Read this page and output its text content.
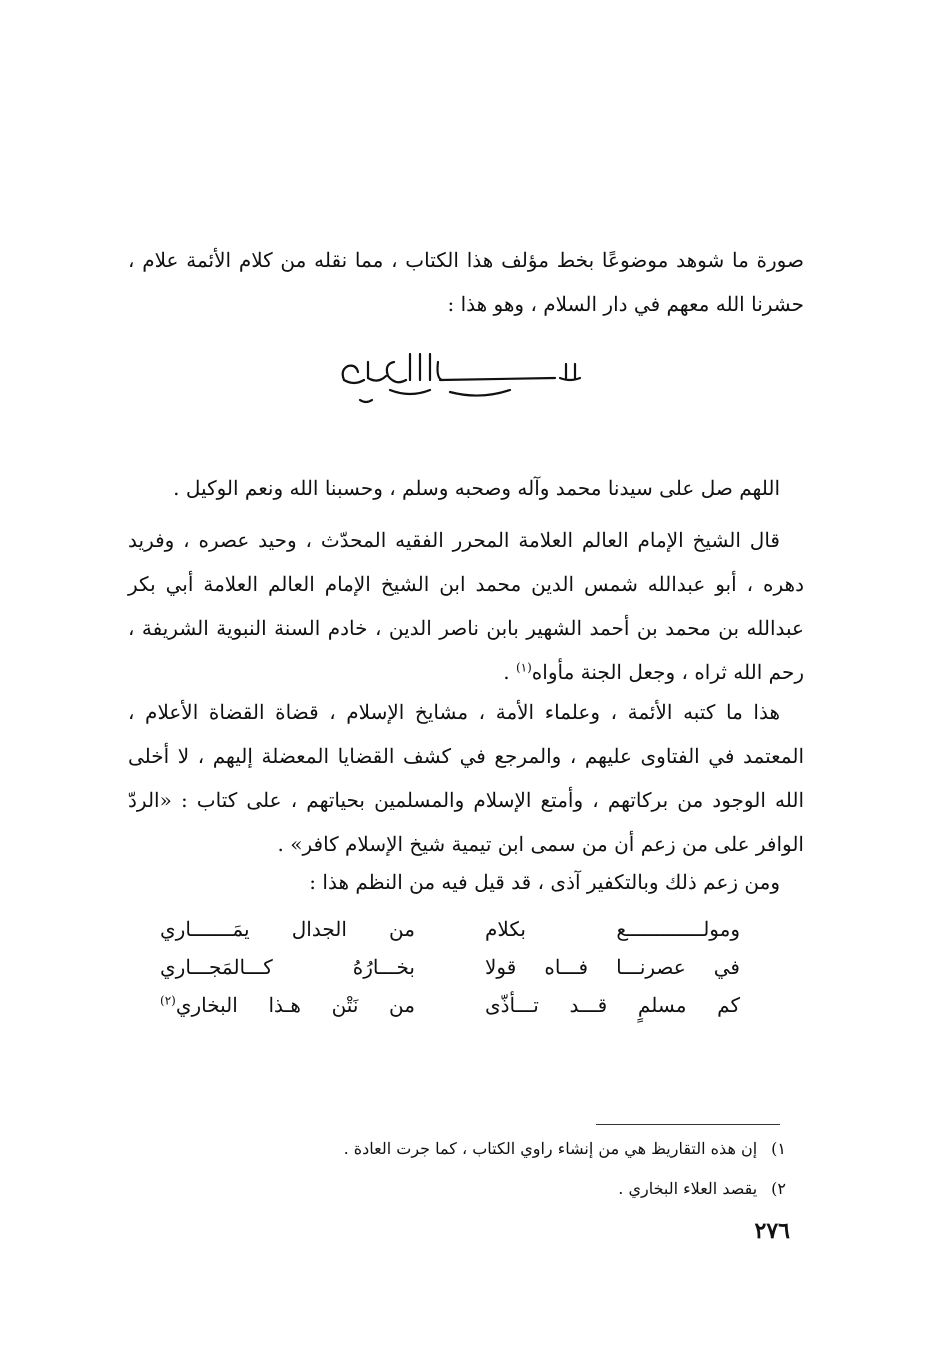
صورة ما شوهد موضوعًا بخط مؤلف هذا الكتاب ، مما نقله من كلام الأئمة علام ، حشرنا الله معهم في دار السلام ، وهو هذا :
بسم الله الرحمن الرحيم

اللهم صل على سيدنا محمد وآله وصحبه وسلم ، وحسبنا الله ونعم الوكيل .

قال الشيخ الإمام العالم العلامة المحرر الفقيه المحدّث ، وحيد عصره ، وفريد دهره ، أبو عبدالله شمس الدين محمد ابن الشيخ الإمام العالم العلامة أبي بكر عبدالله بن محمد بن أحمد الشهير بابن ناصر الدين ، خادم السنة النبوية الشريفة ، رحم الله ثراه ، وجعل الجنة مأواه$^{(١)}$ .

هذا ما كتبه الأئمة ، وعلماء الأمة ، مشايخ الإسلام ، قضاة القضاة الأعلام ، المعتمد في الفتاوى عليهم ، والمرجع في كشف القضايا المعضلة إليهم ، لا أخلى الله الوجود من بركاتهم ، وأمتع الإسلام والمسلمين بحياتهم ، على كتاب : «الردّ الوافر على من زعم أن من سمى ابن تيمية شيخ الإسلام كافر» .

ومن زعم ذلك وبالتكفير آذى ، قد قيل فيه من النظم هذا :

ومولـــــــــــــع بكلام
من الجدال يمَـــــــاري
في عصرنـــا فـــاه قولا
بخـــارُهُ كـــالمَجـــاري
كم مسلمٍ قـــد تـــأذّى
من نَتْن هـذا البخاري$^{(٢)}$
١)إن هذه التقاريظ هي من إنشاء راوي الكتاب ، كما جرت العادة .
٢)يقصد العلاء البخاري .
٢٧٦
